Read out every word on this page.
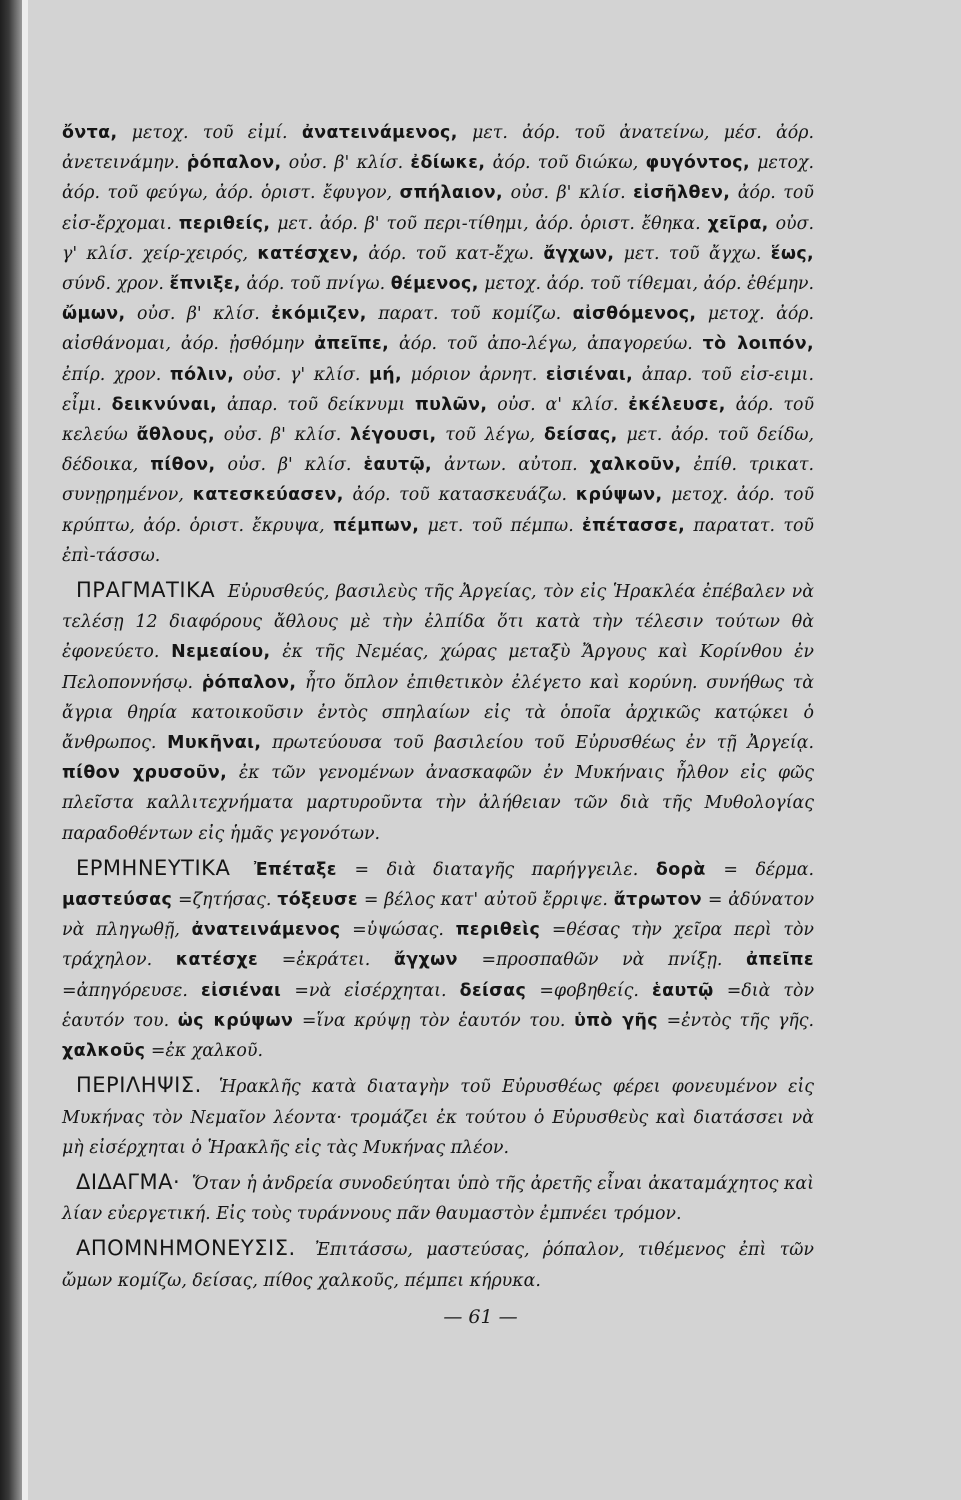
ὄντα, μετοχ. τοῦ εἰμί. ἀνατεινάμενος, μετ. ἀόρ. τοῦ ἀνατείνω, μέσ. ἀόρ. ἀνετεινάμην. ῥόπαλον, οὐσ. β' κλίσ. ἐδίωκε, ἀόρ. τοῦ διώκω, φυγόντος, μετοχ. ἀόρ. τοῦ φεύγω, ἀόρ. ὁριστ. ἔφυγον, σπήλαιον, οὐσ. β' κλίσ. εἰσῆλθεν, ἀόρ. τοῦ εἰσ-ἔρχομαι. περιθείς, μετ. ἀόρ. β' τοῦ περι-τίθημι, ἀόρ. ὁριστ. ἔθηκα. χεῖρα, οὐσ. γ' κλίσ. χείρ-χειρός, κατέσχεν, ἀόρ. τοῦ κατ-ἔχω. ἄγχων, μετ. τοῦ ἄγχω. ἕως, σύνδ. χρον. ἔπνιξε, ἀόρ. τοῦ πνίγω. θέμενος, μετοχ. ἀόρ. τοῦ τίθεμαι, ἀόρ. ἐθέμην. ὤμων, οὐσ. β' κλίσ. ἐκόμιζεν, παρατ. τοῦ κομίζω. αἰσθόμενος, μετοχ. ἀόρ. αἰσθάνομαι, ἀόρ. ᾐσθόμην ἀπεῖπε, ἀόρ. τοῦ ἀπο-λέγω, ἀπαγορεύω. τὸ λοιπόν, ἐπίρ. χρον. πόλιν, οὐσ. γ' κλίσ. μή, μόριον ἀρνητ. εἰσιέναι, ἀπαρ. τοῦ εἰσ-ειμι. εἶμι. δεικνύναι, ἀπαρ. τοῦ δείκνυμι πυλῶν, οὐσ. α' κλίσ. ἐκέλευσε, ἀόρ. τοῦ κελεύω ἄθλους, οὐσ. β' κλίσ. λέγουσι, τοῦ λέγω, δείσας, μετ. ἀόρ. τοῦ δείδω, δέδοικα, πίθον, οὐσ. β' κλίσ. ἑαυτῷ, ἀντων. αὐτοπ. χαλκοῦν, ἐπίθ. τρικατ. συνῃρημένον, κατεσκεύασεν, ἀόρ. τοῦ κατασκευάζω. κρύψων, μετοχ. ἀόρ. τοῦ κρύπτω, ἀόρ. ὁριστ. ἔκρυψα, πέμπων, μετ. τοῦ πέμπω. ἐπέτασσε, παρατατ. τοῦ ἐπὶ-τάσσω.

ΠΡΑΓΜΑΤΙΚΑ Εὐρυσθεύς, βασιλεὺς τῆς Ἀργείας, τὸν εἰς Ἡρακλέα ἐπέβαλεν νὰ τελέσῃ 12 διαφόρους ἄθλους μὲ τὴν ἐλπίδα ὅτι κατὰ τὴν τέλεσιν τούτων θὰ ἐφονεύετο. Νεμεαίου, ἐκ τῆς Νεμέας, χώρας μεταξὺ Ἄργους καὶ Κορίνθου ἐν Πελοποννήσῳ. ῥόπαλον, ἦτο ὅπλον ἐπιθετικὸν ἐλέγετο καὶ κορύνη. συνήθως τὰ ἄγρια θηρία κατοικοῦσιν ἐντὸς σπηλαίων εἰς τὰ ὁποῖα ἀρχικῶς κατῴκει ὁ ἄνθρωπος. Μυκῆναι, πρωτεύουσα τοῦ βασιλείου τοῦ Εὐρυσθέως ἐν τῇ Ἀργείᾳ. πίθον χρυσοῦν, ἐκ τῶν γενομένων ἀνασκαφῶν ἐν Μυκήναις ἦλθον εἰς φῶς πλεῖστα καλλιτεχνήματα μαρτυροῦντα τὴν ἀλήθειαν τῶν διὰ τῆς Μυθολογίας παραδοθέντων εἰς ἡμᾶς γεγονότων.

ΕΡΜΗΝΕΥΤΙΚΑ Ἐπέταξε = διὰ διαταγῆς παρήγγειλε. δορὰ = δέρμα. μαστεύσας =ζητήσας. τόξευσε = βέλος κατ' αὐτοῦ ἔρριψε. ἄτρωτον = ἀδύνατον νὰ πληγωθῇ, ἀνατεινάμενος =ὑψώσας. περιθεὶς =θέσας τὴν χεῖρα περὶ τὸν τράχηλον. κατέσχε =ἐκράτει. ἄγχων =προσπαθῶν νὰ πνίξῃ. ἀπεῖπε =ἀπηγόρευσε. εἰσιέναι =νὰ εἰσέρχηται. δείσας =φοβηθείς. ἑαυτῷ =διὰ τὸν ἑαυτόν του. ὡς κρύψων =ἵνα κρύψῃ τὸν ἑαυτόν του. ὑπὸ γῆς =ἐντὸς τῆς γῆς. χαλκοῦς =ἐκ χαλκοῦ.

ΠΕΡΙΛΗΨΙΣ. Ἡρακλῆς κατὰ διαταγὴν τοῦ Εὐρυσθέως φέρει φονευμένον εἰς Μυκήνας τὸν Νεμαῖον λέοντα· τρομάζει ἐκ τούτου ὁ Εὐρυσθεὺς καὶ διατάσσει νὰ μὴ εἰσέρχηται ὁ Ἡρακλῆς εἰς τὰς Μυκήνας πλέον.

ΔΙΔΑΓΜΑ· Ὅταν ἡ ἀνδρεία συνοδεύηται ὑπὸ τῆς ἀρετῆς εἶναι ἀκαταμάχητος καὶ λίαν εὐεργετική. Εἰς τοὺς τυράννους πᾶν θαυμαστὸν ἐμπνέει τρόμον.

ΑΠΟΜΝΗΜΟΝΕΥΣΙΣ. Ἐπιτάσσω, μαστεύσας, ῥόπαλον, τιθέμενος ἐπὶ τῶν ὤμων κομίζω, δείσας, πίθος χαλκοῦς, πέμπει κήρυκα.

— 61 —
